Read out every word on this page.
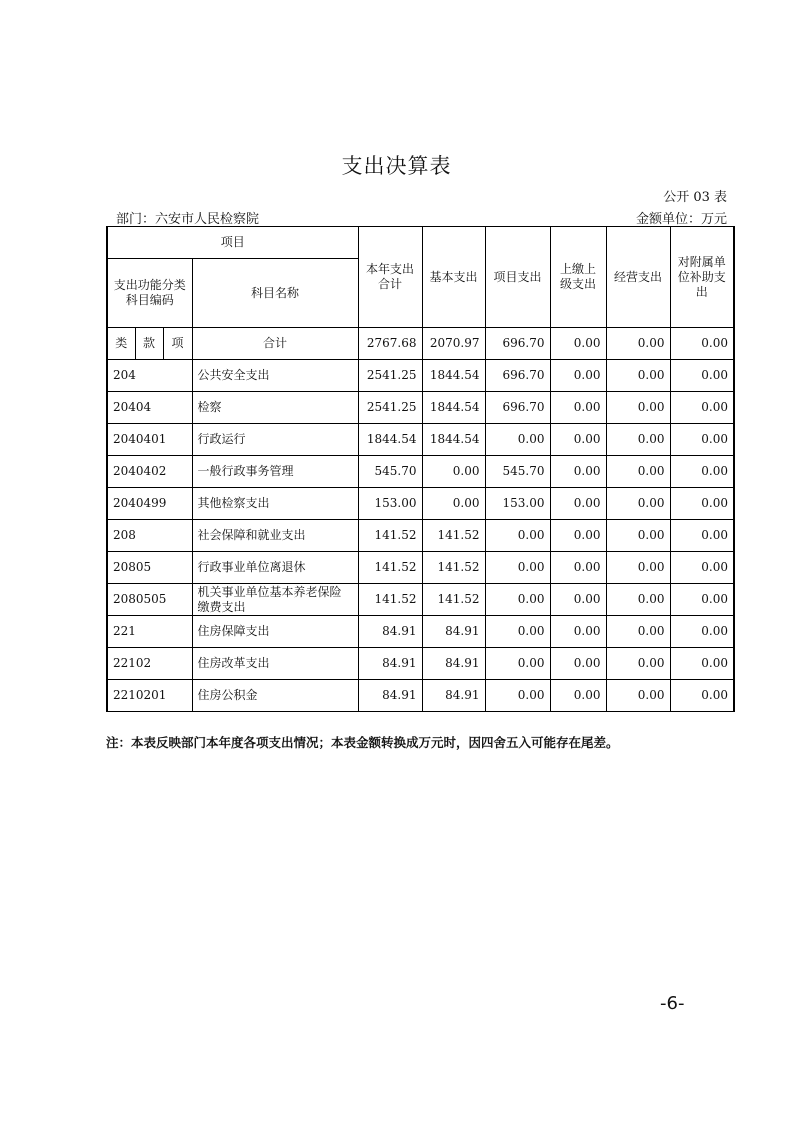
支出决算表
公开 03 表
部门：六安市人民检察院	金额单位：万元
项目				本年支出合计	基本支出	项目支出	上缴上级支出	经营支出	对附属单位补助支出
支出功能分类科目编码			科目名称						
类	款	项	合计	2767.68	2070.97	696.70	0.00	0.00	0.00
204			公共安全支出	2541.25	1844.54	696.70	0.00	0.00	0.00
20404			检察	2541.25	1844.54	696.70	0.00	0.00	0.00
2040401			行政运行	1844.54	1844.54	0.00	0.00	0.00	0.00
2040402			一般行政事务管理	545.70	0.00	545.70	0.00	0.00	0.00
2040499			其他检察支出	153.00	0.00	153.00	0.00	0.00	0.00
208			社会保障和就业支出	141.52	141.52	0.00	0.00	0.00	0.00
20805			行政事业单位离退休	141.52	141.52	0.00	0.00	0.00	0.00
2080505			机关事业单位基本养老保险缴费支出	141.52	141.52	0.00	0.00	0.00	0.00
221			住房保障支出	84.91	84.91	0.00	0.00	0.00	0.00
22102			住房改革支出	84.91	84.91	0.00	0.00	0.00	0.00
2210201			住房公积金	84.91	84.91	0.00	0.00	0.00	0.00
注：本表反映部门本年度各项支出情况；本表金额转换成万元时，因四舍五入可能存在尾差。
-6-
